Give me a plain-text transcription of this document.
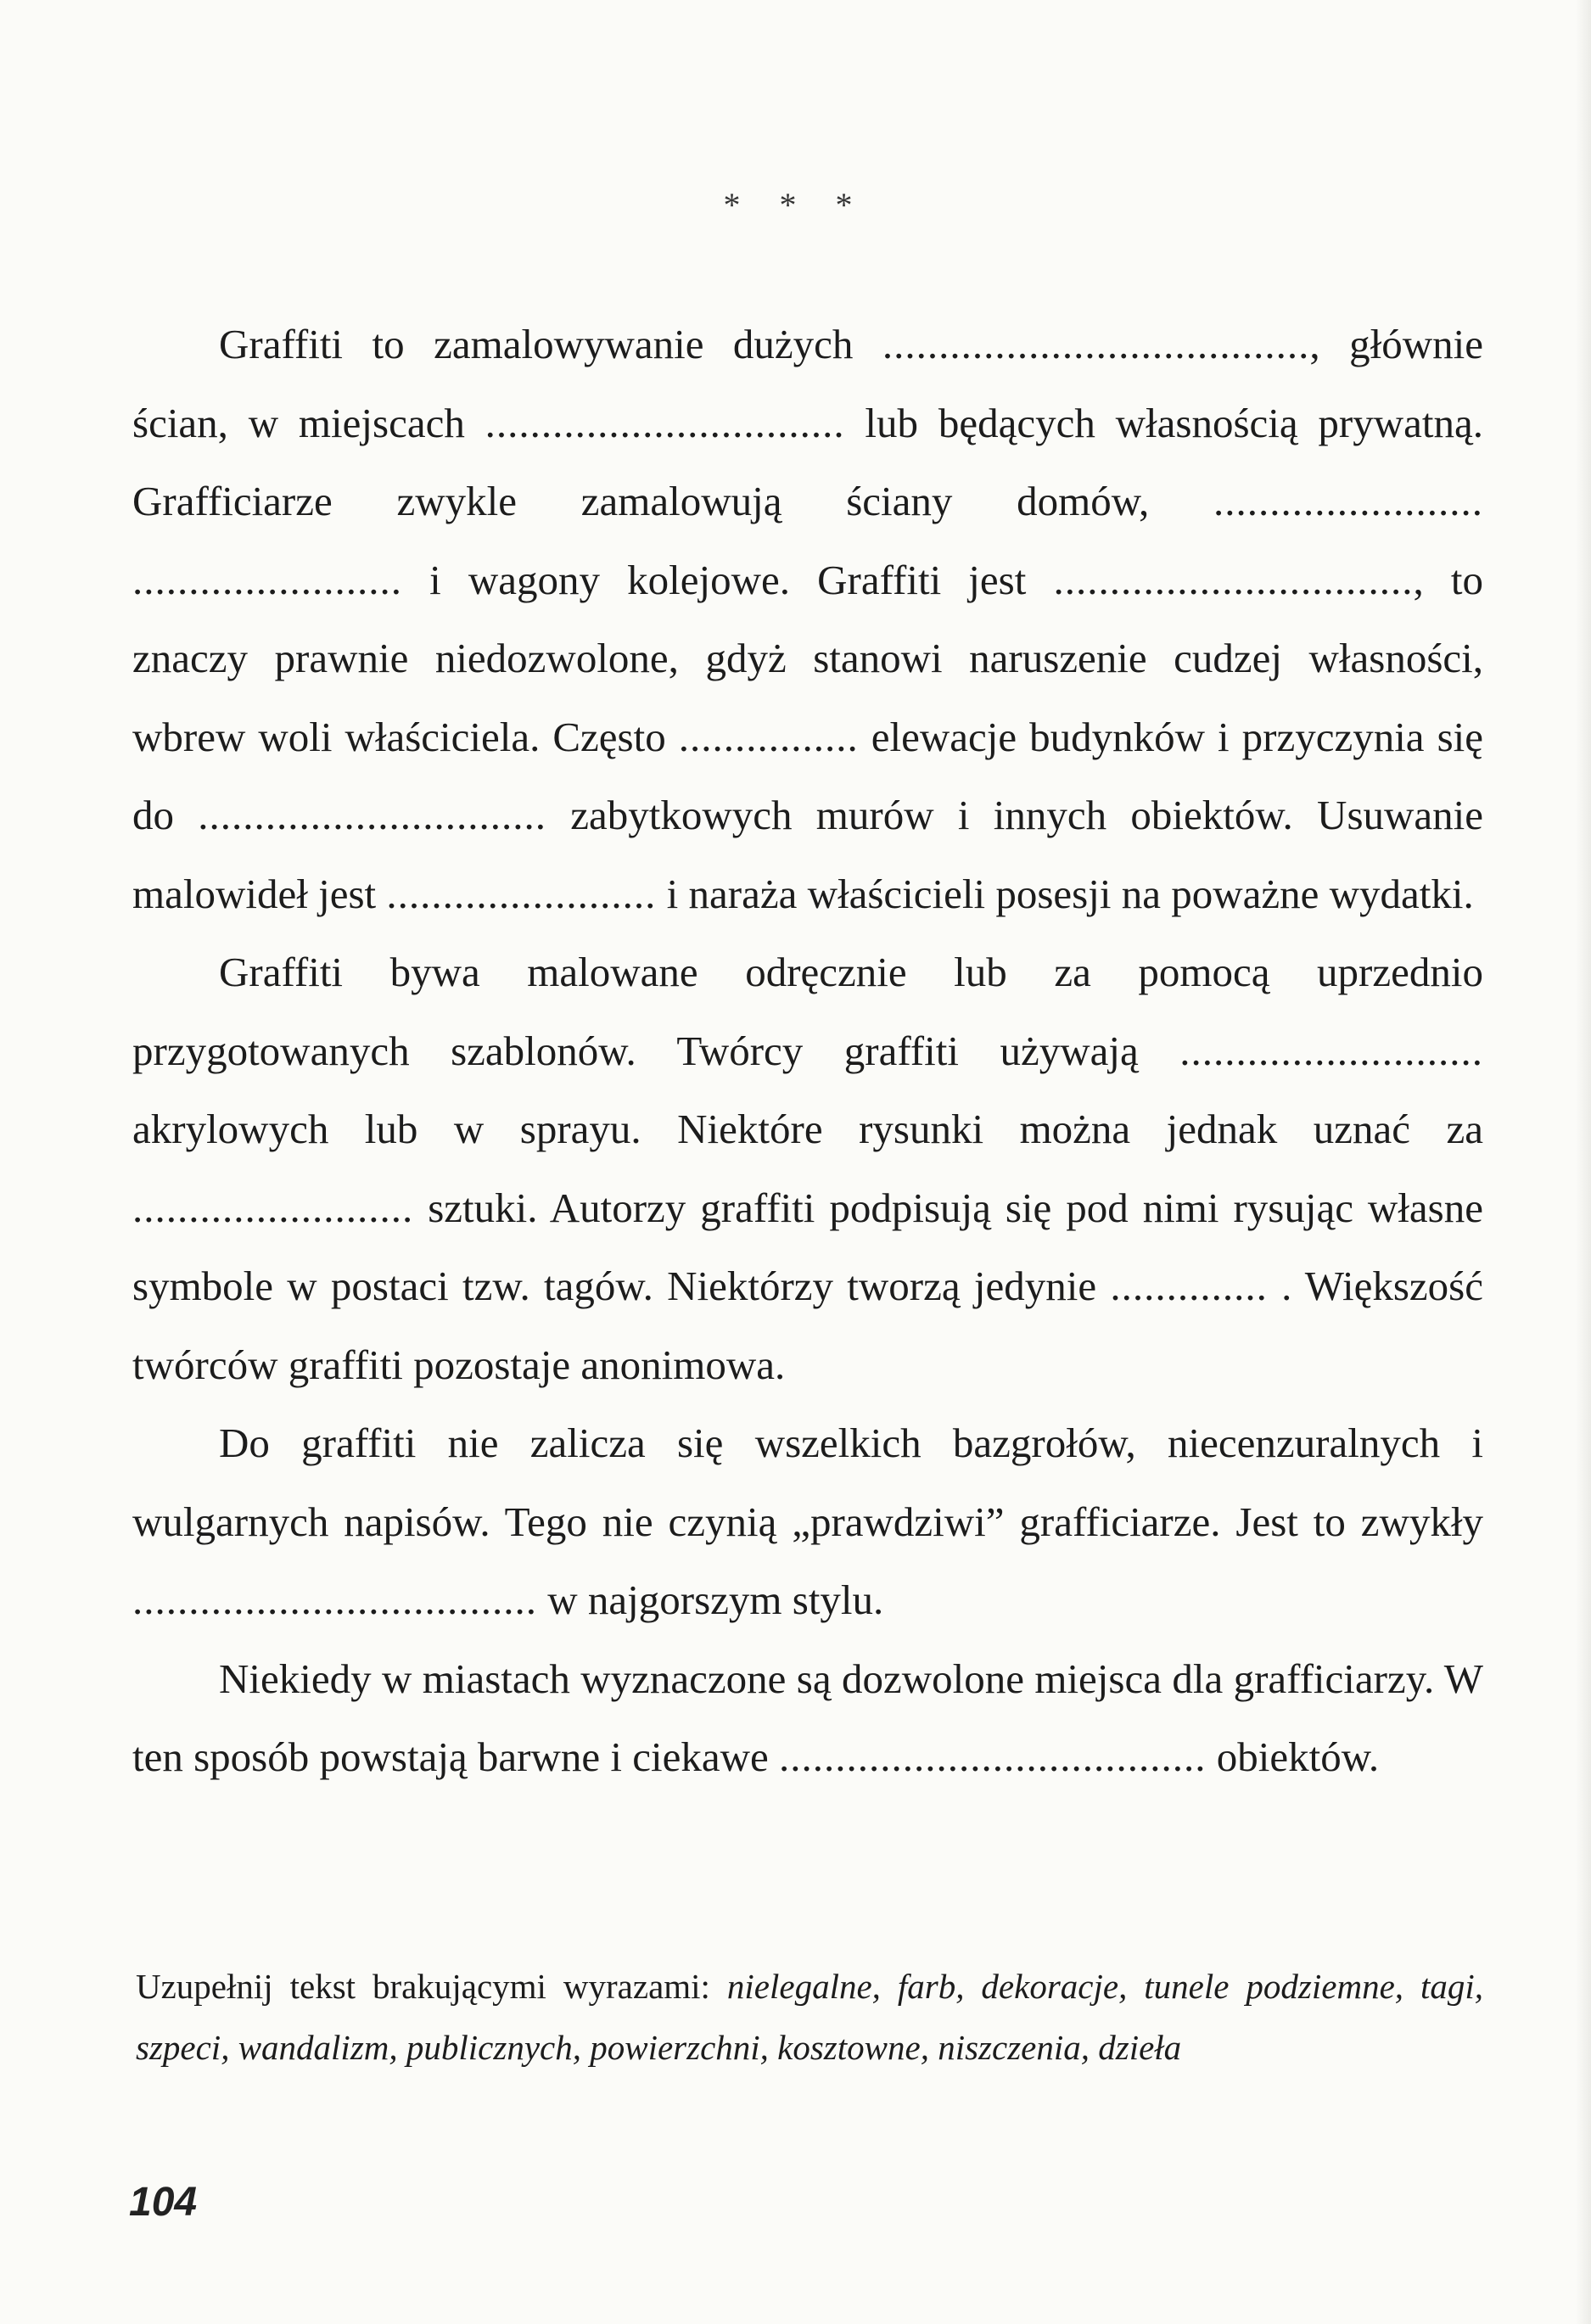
* * *

Graffiti to zamalowywanie dużych ......................................, głównie ścian, w miejscach ................................ lub będących własnością prywatną. Grafficiarze zwykle zamalowują ściany domów, ........................ ........................ i wagony kolejowe. Graffiti jest ................................, to znaczy prawnie niedozwolone, gdyż stanowi naruszenie cudzej własności, wbrew woli właściciela. Często ................ elewacje budynków i przyczynia się do ............................... zabytkowych murów i innych obiektów. Usuwanie malowideł jest ........................ i naraża właścicieli posesji na poważne wydatki.

Graffiti bywa malowane odręcznie lub za pomocą uprzednio przygotowanych szablonów. Twórcy graffiti używają ........................... akrylowych lub w sprayu. Niektóre rysunki można jednak uznać za ......................... sztuki. Autorzy graffiti podpisują się pod nimi rysując własne symbole w postaci tzw. tagów. Niektórzy tworzą jedynie .............. . Większość twórców graffiti pozostaje anonimowa.

Do graffiti nie zalicza się wszelkich bazgrołów, niecenzuralnych i wulgarnych napisów. Tego nie czynią „prawdziwi” grafficiarze. Jest to zwykły .................................... w najgorszym stylu.

Niekiedy w miastach wyznaczone są dozwolone miejsca dla grafficiarzy. W ten sposób powstają barwne i ciekawe ...................................... obiektów.

Uzupełnij tekst brakującymi wyrazami: nielegalne, farb, dekoracje, tunele podziemne, tagi, szpeci, wandalizm, publicznych, powierzchni, kosztowne, niszczenia, dzieła
104
